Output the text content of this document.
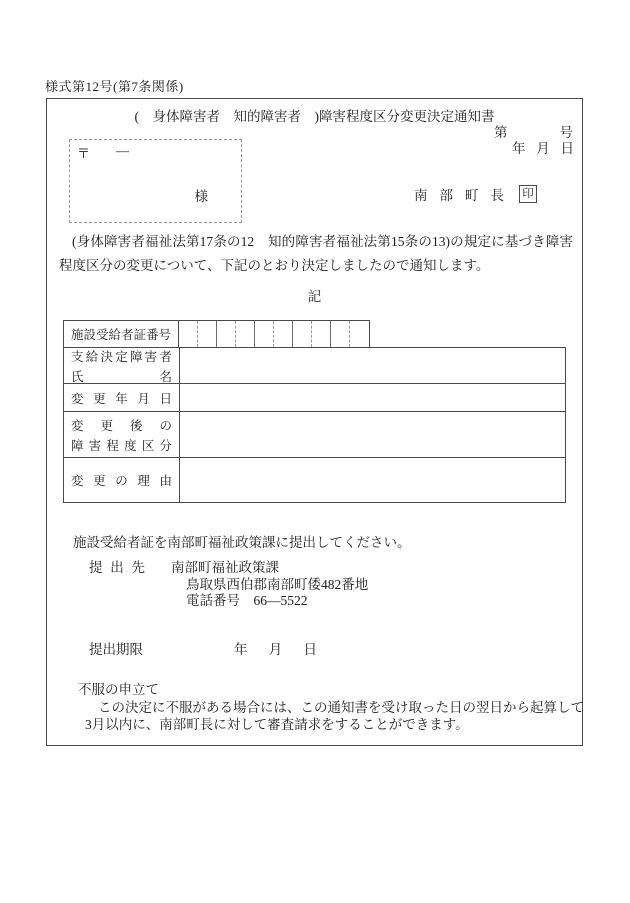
様式第12号(第7条関係)
(　身体障害者　知的障害者　)障害程度区分変更決定通知書
第	号
年 月 日
〒 —
様	南 部 町 長 印

(身体障害者福祉法第17条の12　知的障害者福祉法第15条の13)の規定に基づき障害程度区分の変更について、下記のとおり決定しましたので通知します。

記
施 設 受 給 者 証 番 号
支 給 決 定 障 害 者
氏	名
変 更 年 月 日
変 更 後 の
障 害 程 度 区 分
変 更 の 理 由
施設受給者証を南部町福祉政策課に提出してください。
提 出 先 南部町福祉政策課
鳥取県西伯郡南部町倭482番地
電話番号　66—5522
提出期限	年 月 日
不服の申立て

この決定に不服がある場合には、この通知書を受け取った日の翌日から起算して3月以内に、南部町長に対して審査請求をすることができます。
